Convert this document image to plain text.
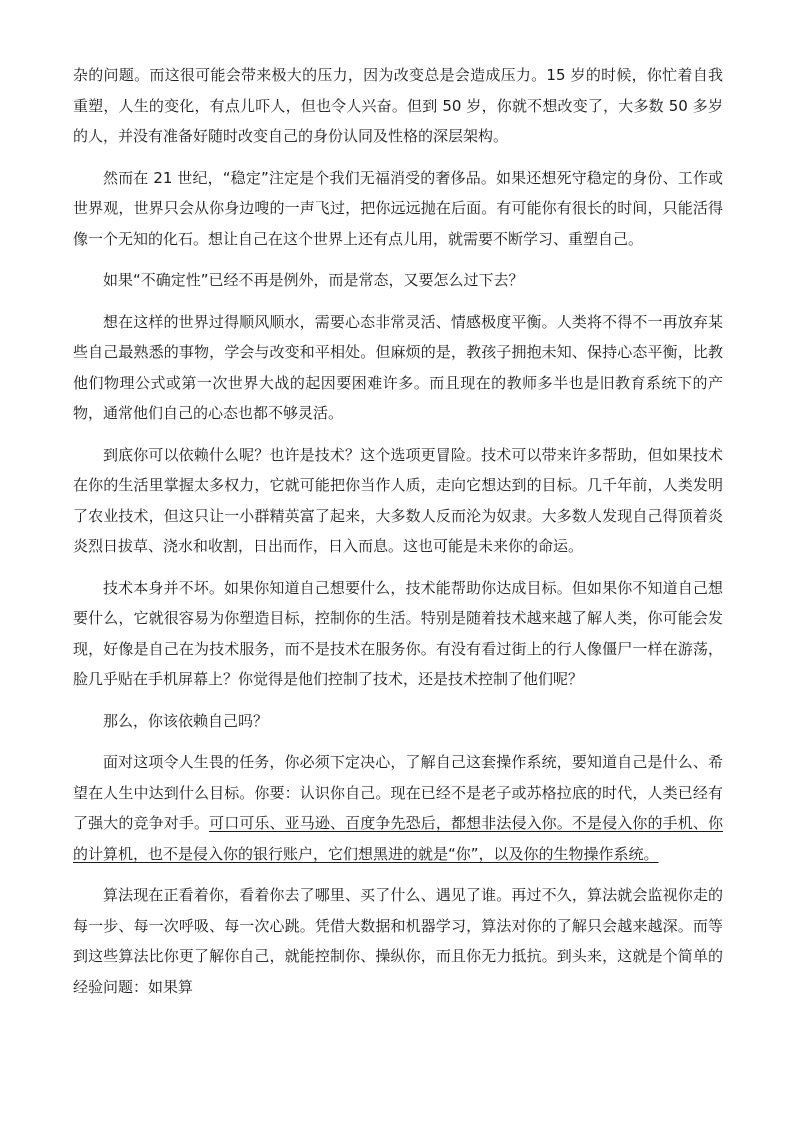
杂的问题。而这很可能会带来极大的压力，因为改变总是会造成压力。15 岁的时候，你忙着自我重塑，人生的变化，有点儿吓人，但也令人兴奋。但到 50 岁，你就不想改变了，大多数 50 多岁的人，并没有准备好随时改变自己的身份认同及性格的深层架构。

然而在 21 世纪，“稳定”注定是个我们无福消受的奢侈品。如果还想死守稳定的身份、工作或世界观，世界只会从你身边嗖的一声飞过，把你远远抛在后面。有可能你有很长的时间，只能活得像一个无知的化石。想让自己在这个世界上还有点儿用，就需要不断学习、重塑自己。

如果“不确定性”已经不再是例外，而是常态，又要怎么过下去？

想在这样的世界过得顺风顺水，需要心态非常灵活、情感极度平衡。人类将不得不一再放弃某些自己最熟悉的事物，学会与改变和平相处。但麻烦的是，教孩子拥抱未知、保持心态平衡，比教他们物理公式或第一次世界大战的起因要困难许多。而且现在的教师多半也是旧教育系统下的产物，通常他们自己的心态也都不够灵活。

到底你可以依赖什么呢？也许是技术？这个选项更冒险。技术可以带来许多帮助，但如果技术在你的生活里掌握太多权力，它就可能把你当作人质，走向它想达到的目标。几千年前，人类发明了农业技术，但这只让一小群精英富了起来，大多数人反而沦为奴隶。大多数人发现自己得顶着炎炎烈日拔草、浇水和收割，日出而作，日入而息。这也可能是未来你的命运。

技术本身并不坏。如果你知道自己想要什么，技术能帮助你达成目标。但如果你不知道自己想要什么，它就很容易为你塑造目标，控制你的生活。特别是随着技术越来越了解人类，你可能会发现，好像是自己在为技术服务，而不是技术在服务你。有没有看过街上的行人像僵尸一样在游荡，脸几乎贴在手机屏幕上？你觉得是他们控制了技术，还是技术控制了他们呢？

那么，你该依赖自己吗？

面对这项令人生畏的任务，你必须下定决心，了解自己这套操作系统，要知道自己是什么、希望在人生中达到什么目标。你要：认识你自己。现在已经不是老子或苏格拉底的时代，人类已经有了强大的竞争对手。可口可乐、亚马逊、百度争先恐后，都想非法侵入你。不是侵入你的手机、你的计算机，也不是侵入你的银行账户，它们想黑进的就是“你”，以及你的生物操作系统。

算法现在正看着你，看着你去了哪里、买了什么、遇见了谁。再过不久，算法就会监视你走的每一步、每一次呼吸、每一次心跳。凭借大数据和机器学习，算法对你的了解只会越来越深。而等到这些算法比你更了解你自己，就能控制你、操纵你，而且你无力抵抗。到头来，这就是个简单的经验问题：如果算
